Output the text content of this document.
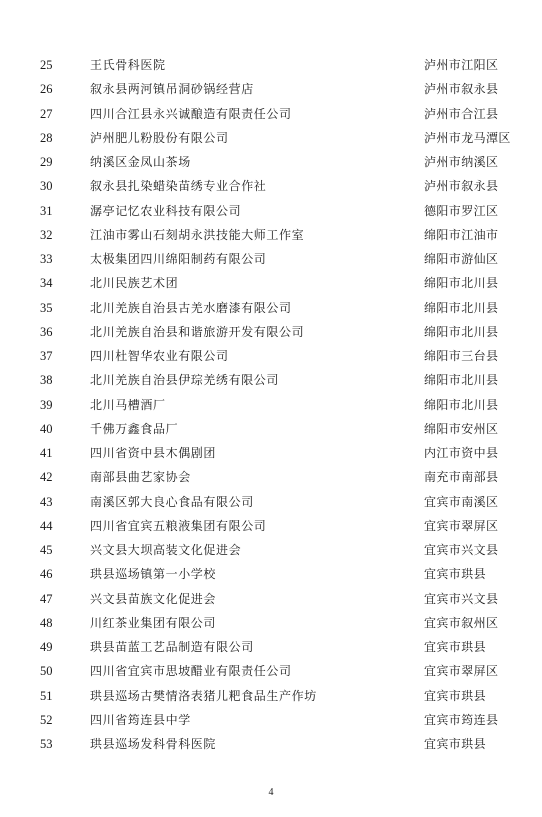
25	王氏骨科医院	泸州市江阳区
26	叙永县两河镇吊洞砂锅经营店	泸州市叙永县
27	四川合江县永兴诚酿造有限责任公司	泸州市合江县
28	泸州肥儿粉股份有限公司	泸州市龙马潭区
29	纳溪区金凤山茶场	泸州市纳溪区
30	叙永县扎染蜡染苗绣专业合作社	泸州市叙永县
31	潺亭记忆农业科技有限公司	德阳市罗江区
32	江油市雾山石刻胡永洪技能大师工作室	绵阳市江油市
33	太极集团四川绵阳制药有限公司	绵阳市游仙区
34	北川民族艺术团	绵阳市北川县
35	北川羌族自治县古羌水磨漆有限公司	绵阳市北川县
36	北川羌族自治县和谐旅游开发有限公司	绵阳市北川县
37	四川杜智华农业有限公司	绵阳市三台县
38	北川羌族自治县伊琮羌绣有限公司	绵阳市北川县
39	北川马槽酒厂	绵阳市北川县
40	千佛万鑫食品厂	绵阳市安州区
41	四川省资中县木偶剧团	内江市资中县
42	南部县曲艺家协会	南充市南部县
43	南溪区郭大良心食品有限公司	宜宾市南溪区
44	四川省宜宾五粮液集团有限公司	宜宾市翠屏区
45	兴文县大坝高装文化促进会	宜宾市兴文县
46	珙县巡场镇第一小学校	宜宾市珙县
47	兴文县苗族文化促进会	宜宾市兴文县
48	川红茶业集团有限公司	宜宾市叙州区
49	珙县苗蓝工艺品制造有限公司	宜宾市珙县
50	四川省宜宾市思坡醋业有限责任公司	宜宾市翠屏区
51	珙县巡场古樊情洛表猪儿粑食品生产作坊	宜宾市珙县
52	四川省筠连县中学	宜宾市筠连县
53	珙县巡场发科骨科医院	宜宾市珙县
4
